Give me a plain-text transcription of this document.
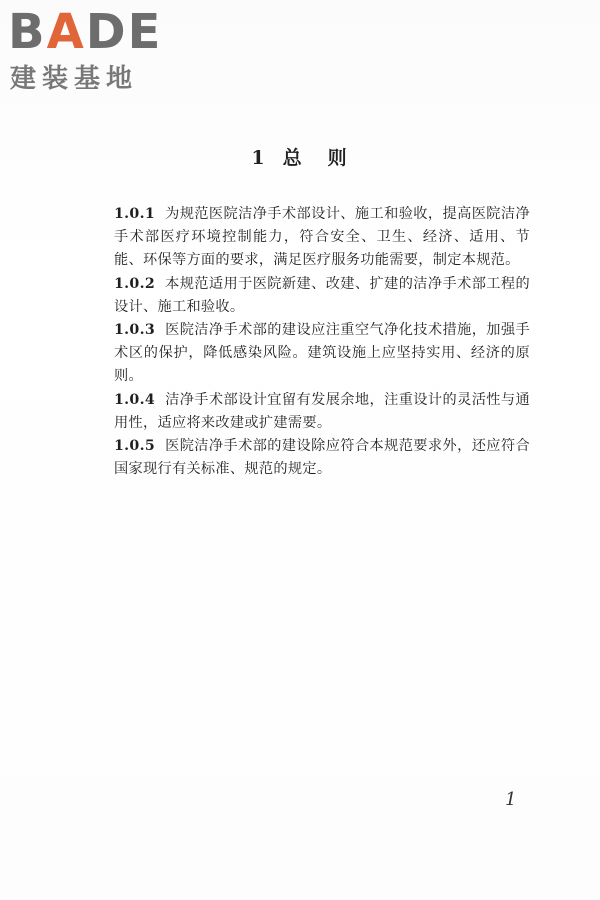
BADE
建装基地
1 总 则

1.0.1 为规范医院洁净手术部设计、施工和验收，提高医院洁净手术部医疗环境控制能力，符合安全、卫生、经济、适用、节能、环保等方面的要求，满足医疗服务功能需要，制定本规范。

1.0.2 本规范适用于医院新建、改建、扩建的洁净手术部工程的设计、施工和验收。

1.0.3 医院洁净手术部的建设应注重空气净化技术措施，加强手术区的保护，降低感染风险。建筑设施上应坚持实用、经济的原则。

1.0.4 洁净手术部设计宜留有发展余地，注重设计的灵活性与通用性，适应将来改建或扩建需要。

1.0.5 医院洁净手术部的建设除应符合本规范要求外，还应符合国家现行有关标准、规范的规定。

1
